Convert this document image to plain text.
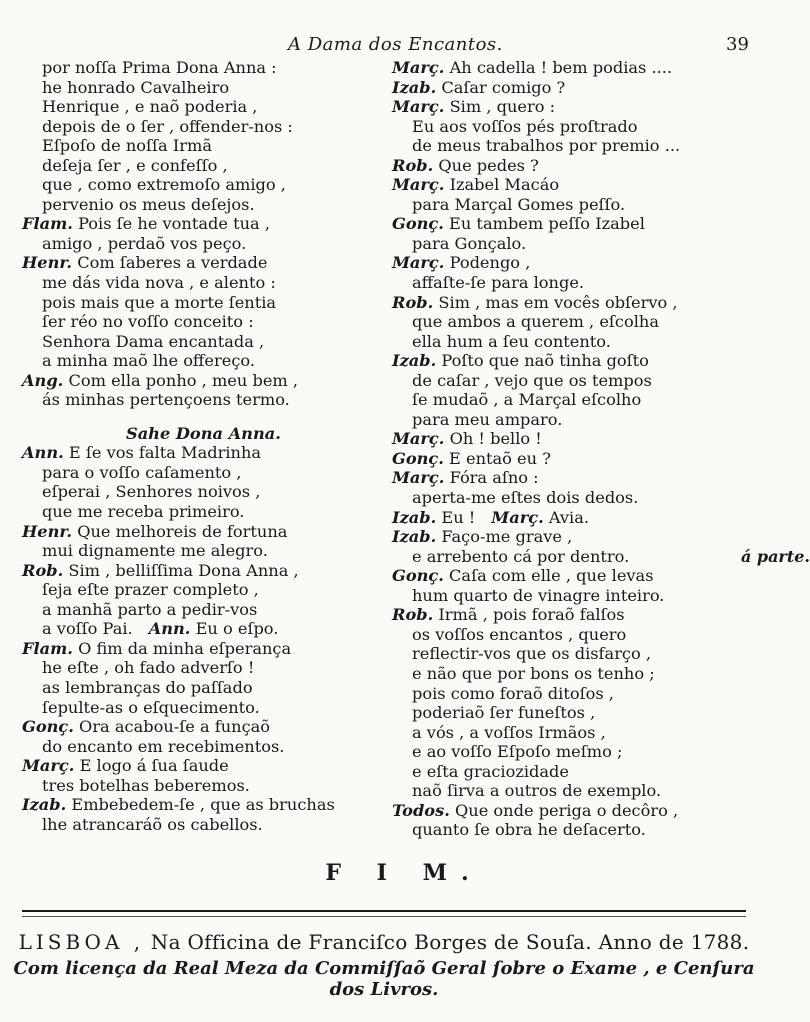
A Dama dos Encantos.	39
por noſſa Prima Dona Anna :
he honrado Cavalheiro
Henrique , e naõ poderia ,
depois de o ſer , offender-nos :
Eſpoſo de noſſa Irmã
deſeja ſer , e confeſſo ,
que , como extremoſo amigo ,
pervenio os meus deſejos.
Flam. Pois ſe he vontade tua ,
amigo , perdaõ vos peço.
Henr. Com ſaberes a verdade
me dás vida nova , e alento :
pois mais que a morte ſentia
ſer réo no voſſo conceito :
Senhora Dama encantada ,
a minha maõ lhe offereço.
Ang. Com ella ponho , meu bem ,
ás minhas pertençoens termo.
Sahe Dona Anna.
Ann. E ſe vos falta Madrinha
para o voſſo caſamento ,
eſperai , Senhores noivos ,
que me receba primeiro.
Henr. Que melhoreis de fortuna
mui dignamente me alegro.
Rob. Sim , belliſſima Dona Anna ,
ſeja eſte prazer completo ,
a manhã parto a pedir-vos
a voſſo Pai. Ann. Eu o eſpo.
Flam. O fim da minha eſperança
he eſte , oh fado adverſo !
as lembranças do paſſado
ſepulte-as o eſquecimento.
Gonç. Ora acabou-ſe a funçaõ
do encanto em recebimentos.
Març. E logo á ſua ſaude
tres botelhas beberemos.
Izab. Embebedem-ſe , que as bruchas
lhe atrancaráõ os cabellos.
Març. Ah cadella ! bem podias ....
Izab. Caſar comigo ?
Març. Sim , quero :
Eu aos voſſos pés proſtrado
de meus trabalhos por premio ...
Rob. Que pedes ?
Març. Izabel Macáo
para Marçal Gomes peſſo.
Gonç. Eu tambem peſſo Izabel
para Gonçalo.
Març. Podengo ,
affaſte-ſe para longe.
Rob. Sim , mas em vocês obſervo ,
que ambos a querem , eſcolha
ella hum a ſeu contento.
Izab. Poſto que naõ tinha goſto
de caſar , vejo que os tempos
ſe mudaõ , a Marçal eſcolho
para meu amparo.
Març. Oh ! bello !
Gonç. E entaõ eu ?
Març. Fóra aſno :
aperta-me eſtes dois dedos.
Izab. Eu ! Març. Avia.
Izab. Faço-me grave ,
e arrebento cá por dentro.	á parte.
Gonç. Caſa com elle , que levas
hum quarto de vinagre inteiro.
Rob. Irmã , pois foraõ falſos
os voſſos encantos , quero
reflectir-vos que os disfarço ,
e não que por bons os tenho ;
pois como foraõ ditoſos ,
poderiaõ ſer funeſtos ,
a vós , a voſſos Irmãos ,
e ao voſſo Eſpoſo meſmo ;
e eſta graciozidade
naõ ſirva a outros de exemplo.
Todos. Que onde periga o decôro ,
quanto ſe obra he deſacerto.
F I M.
LISBOA , Na Officina de Franciſco Borges de Souſa. Anno de 1788.
Com licença da Real Meza da Commiſſaõ Geral ſobre o Exame , e Cenſura dos Livros.
